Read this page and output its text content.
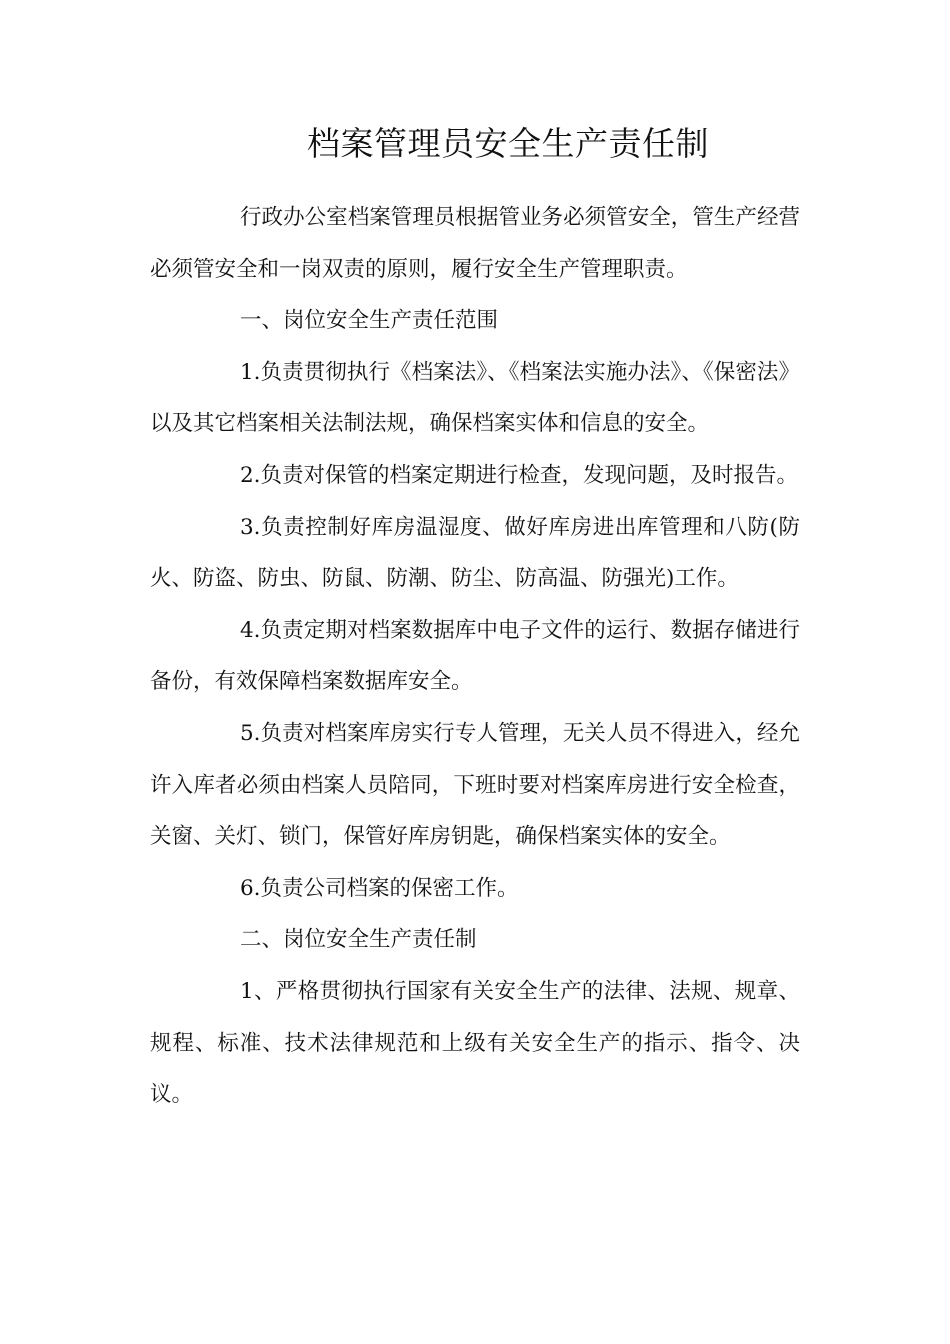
档案管理员安全生产责任制

行政办公室档案管理员根据管业务必须管安全，管生产经营必须管安全和一岗双责的原则，履行安全生产管理职责。

一、岗位安全生产责任范围

1.负责贯彻执行《档案法》、《档案法实施办法》、《保密法》以及其它档案相关法制法规，确保档案实体和信息的安全。

2.负责对保管的档案定期进行检查，发现问题，及时报告。

3.负责控制好库房温湿度、做好库房进出库管理和八防(防火、防盗、防虫、防鼠、防潮、防尘、防高温、防强光)工作。

4.负责定期对档案数据库中电子文件的运行、数据存储进行备份，有效保障档案数据库安全。

5.负责对档案库房实行专人管理，无关人员不得进入，经允许入库者必须由档案人员陪同，下班时要对档案库房进行安全检查，关窗、关灯、锁门，保管好库房钥匙，确保档案实体的安全。

6.负责公司档案的保密工作。

二、岗位安全生产责任制

1、严格贯彻执行国家有关安全生产的法律、法规、规章、规程、标准、技术法律规范和上级有关安全生产的指示、指令、决议。
